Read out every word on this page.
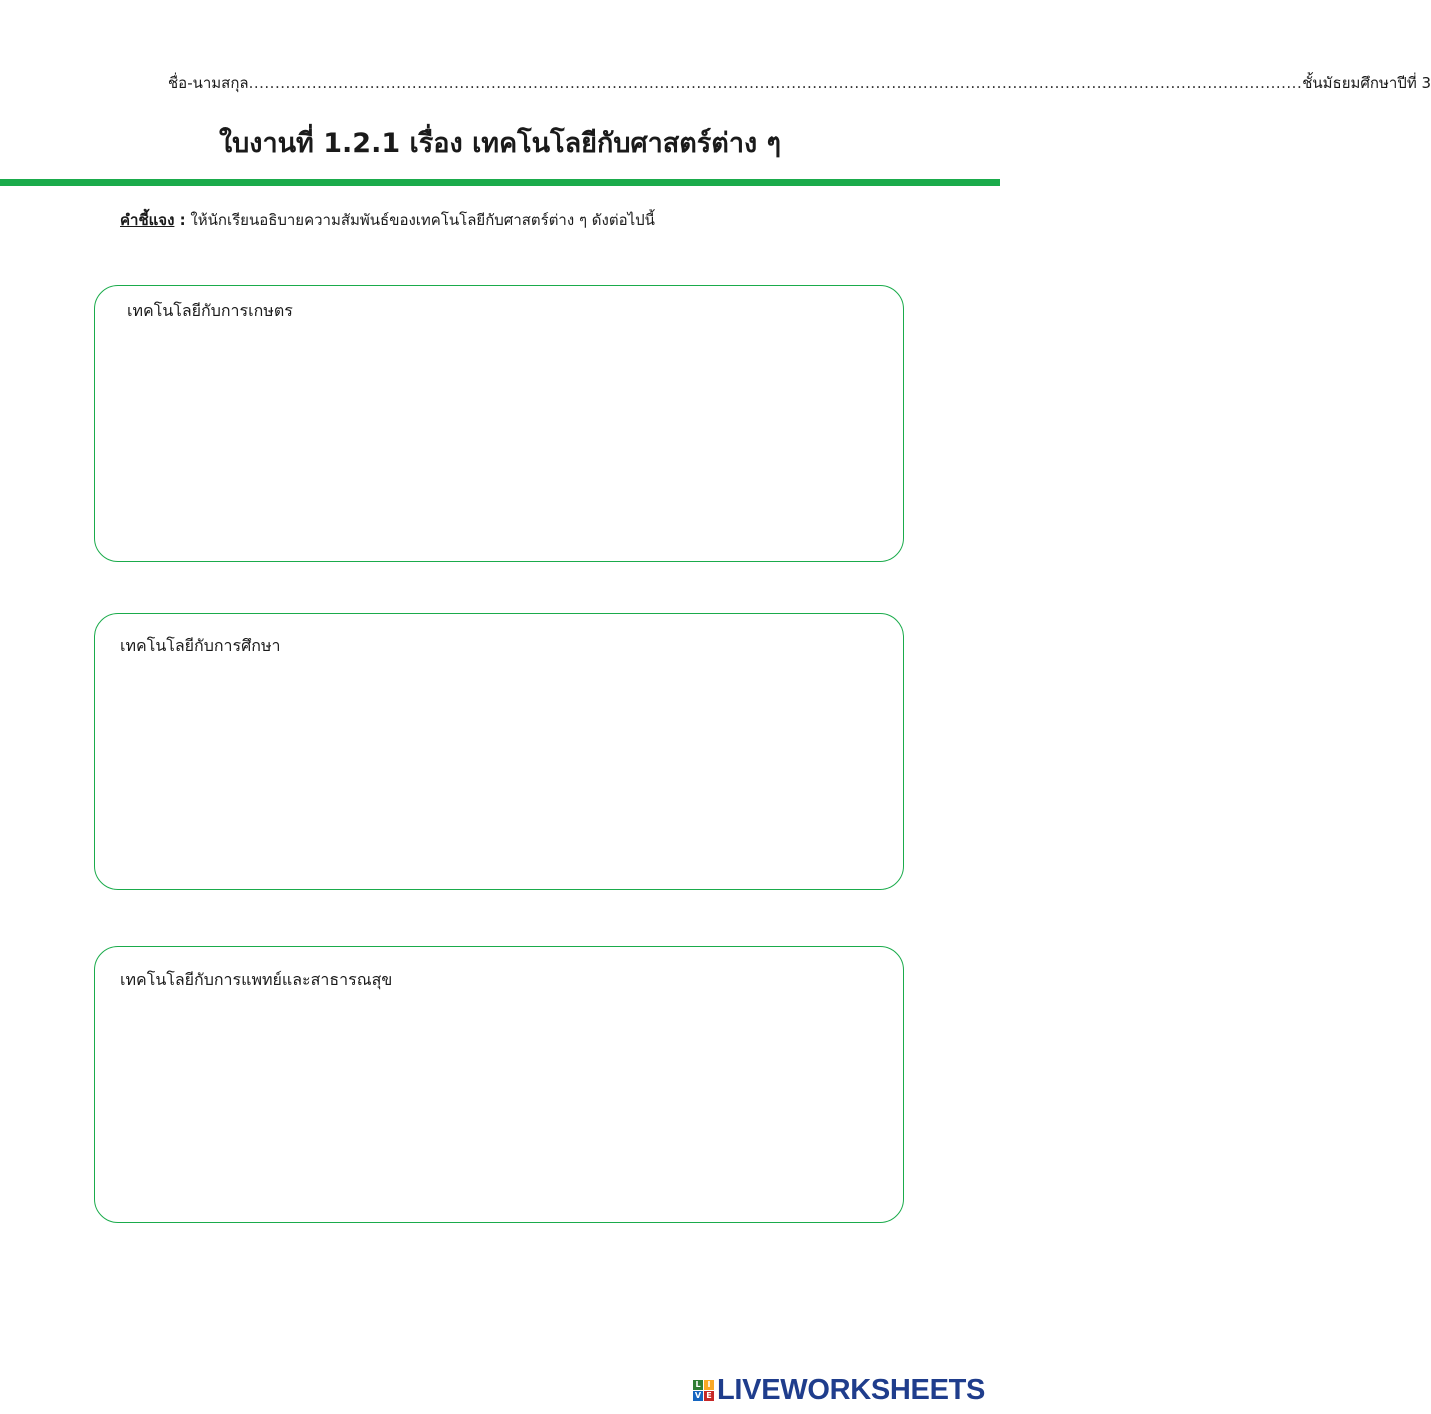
ชื่อ-นามสกุล ........................................................................................................................................................................................................ ชั้นมัธยมศึกษาปีที่ 3
ใบงานที่ 1.2.1 เรื่อง เทคโนโลยีกับศาสตร์ต่าง ๆ
คำชี้แจง : ให้นักเรียนอธิบายความสัมพันธ์ของเทคโนโลยีกับศาสตร์ต่าง ๆ ดังต่อไปนี้
เทคโนโลยีกับการเกษตร
เทคโนโลยีกับการศึกษา
เทคโนโลยีกับการแพทย์และสาธารณสุข
L I
V E LIVEWORKSHEETS
